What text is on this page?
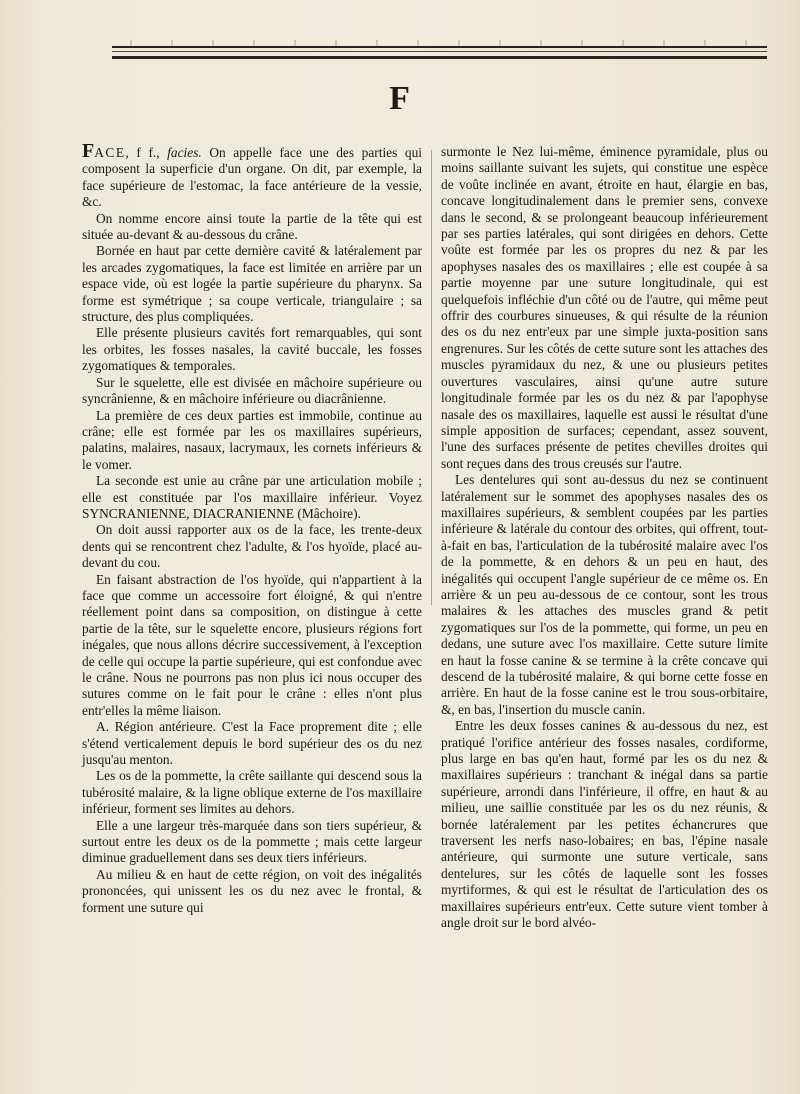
F

FACE, f f., facies. On appelle face une des parties qui composent la superficie d'un organe. On dit, par exemple, la face supérieure de l'estomac, la face antérieure de la vessie, &c.

On nomme encore ainsi toute la partie de la tête qui est située au-devant & au-dessous du crâne.

Bornée en haut par cette dernière cavité & latéralement par les arcades zygomatiques, la face est limitée en arrière par un espace vide, où est logée la partie supérieure du pharynx. Sa forme est symétrique ; sa coupe verticale, triangulaire ; sa structure, des plus compliquées.

Elle présente plusieurs cavités fort remarquables, qui sont les orbites, les fosses nasales, la cavité buccale, les fosses zygomatiques & temporales.

Sur le squelette, elle est divisée en mâchoire supérieure ou syncrânienne, & en mâchoire inférieure ou diacrânienne.

La première de ces deux parties est immobile, continue au crâne; elle est formée par les os maxillaires supérieurs, palatins, malaires, nasaux, lacrymaux, les cornets inférieurs & le vomer.

La seconde est unie au crâne par une articulation mobile ; elle est constituée par l'os maxillaire inférieur. Voyez SYNCRANIENNE, DIACRANIENNE (Mâchoire).

On doit aussi rapporter aux os de la face, les trente-deux dents qui se rencontrent chez l'adulte, & l'os hyoïde, placé au-devant du cou.

En faisant abstraction de l'os hyoïde, qui n'appartient à la face que comme un accessoire fort éloigné, & qui n'entre réellement point dans sa composition, on distingue à cette partie de la tête, sur le squelette encore, plusieurs régions fort inégales, que nous allons décrire successivement, à l'exception de celle qui occupe la partie supérieure, qui est confondue avec le crâne. Nous ne pourrons pas non plus ici nous occuper des sutures comme on le fait pour le crâne : elles n'ont plus entr'elles la même liaison.

A. Région antérieure. C'est la Face proprement dite ; elle s'étend verticalement depuis le bord supérieur des os du nez jusqu'au menton.

Les os de la pommette, la crête saillante qui descend sous la tubérosité malaire, & la ligne oblique externe de l'os maxillaire inférieur, forment ses limites au dehors.

Elle a une largeur très-marquée dans son tiers supérieur, & surtout entre les deux os de la pommette ; mais cette largeur diminue graduellement dans ses deux tiers inférieurs.

Au milieu & en haut de cette région, on voit des inégalités prononcées, qui unissent les os du nez avec le frontal, & forment une suture qui

surmonte le Nez lui-même, éminence pyramidale, plus ou moins saillante suivant les sujets, qui constitue une espèce de voûte inclinée en avant, étroite en haut, élargie en bas, concave longitudinalement dans le premier sens, convexe dans le second, & se prolongeant beaucoup inférieurement par ses parties latérales, qui sont dirigées en dehors. Cette voûte est formée par les os propres du nez & par les apophyses nasales des os maxillaires ; elle est coupée à sa partie moyenne par une suture longitudinale, qui est quelquefois infléchie d'un côté ou de l'autre, qui même peut offrir des courbures sinueuses, & qui résulte de la réunion des os du nez entr'eux par une simple juxta-position sans engrenures. Sur les côtés de cette suture sont les attaches des muscles pyramidaux du nez, & une ou plusieurs petites ouvertures vasculaires, ainsi qu'une autre suture longitudinale formée par les os du nez & par l'apophyse nasale des os maxillaires, laquelle est aussi le résultat d'une simple apposition de surfaces; cependant, assez souvent, l'une des surfaces présente de petites chevilles droites qui sont reçues dans des trous creusés sur l'autre.

Les dentelures qui sont au-dessus du nez se continuent latéralement sur le sommet des apophyses nasales des os maxillaires supérieurs, & semblent coupées par les parties inférieure & latérale du contour des orbites, qui offrent, tout-à-fait en bas, l'articulation de la tubérosité malaire avec l'os de la pommette, & en dehors & un peu en haut, des inégalités qui occupent l'angle supérieur de ce même os. En arrière & un peu au-dessous de ce contour, sont les trous malaires & les attaches des muscles grand & petit zygomatiques sur l'os de la pommette, qui forme, un peu en dedans, une suture avec l'os maxillaire. Cette suture limite en haut la fosse canine & se termine à la crête concave qui descend de la tubérosité malaire, & qui borne cette fosse en arrière. En haut de la fosse canine est le trou sous-orbitaire, &, en bas, l'insertion du muscle canin.

Entre les deux fosses canines & au-dessous du nez, est pratiqué l'orifice antérieur des fosses nasales, cordiforme, plus large en bas qu'en haut, formé par les os du nez & maxillaires supérieurs : tranchant & inégal dans sa partie supérieure, arrondi dans l'inférieure, il offre, en haut & au milieu, une saillie constituée par les os du nez réunis, & bornée latéralement par les petites échancrures que traversent les nerfs naso-lobaires; en bas, l'épine nasale antérieure, qui surmonte une suture verticale, sans dentelures, sur les côtés de laquelle sont les fosses myrtiformes, & qui est le résultat de l'articulation des os maxillaires supérieurs entr'eux. Cette suture vient tomber à angle droit sur le bord alvéo-
